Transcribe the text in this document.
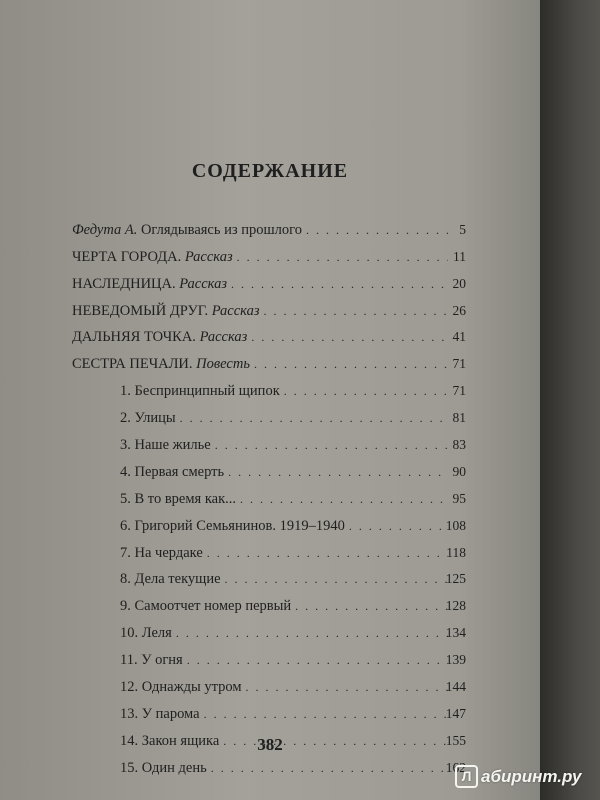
СОДЕРЖАНИЕ
Федута А. Оглядываясь из прошлого . . .	5
ЧЕРТА ГОРОДА. Рассказ . . .	11
НАСЛЕДНИЦА. Рассказ . . .	20
НЕВЕДОМЫЙ ДРУГ. Рассказ . . .	26
ДАЛЬНЯЯ ТОЧКА. Рассказ . . .	41
СЕСТРА ПЕЧАЛИ. Повесть . . .	71
1. Беспринципный щипок . . .	71
2. Улицы . . .	81
3. Наше жилье . . .	83
4. Первая смерть . . .	90
5. В то время как... . . .	95
6. Григорий Семьянинов. 1919–1940 . . .	108
7. На чердаке . . .	118
8. Дела текущие . . .	125
9. Самоотчет номер первый . . .	128
10. Леля . . .	134
11. У огня . . .	139
12. Однажды утром . . .	144
13. У парома . . .	147
14. Закон ящика . . .	155
15. Один день . . .	162
382
Л абиринт.ру
